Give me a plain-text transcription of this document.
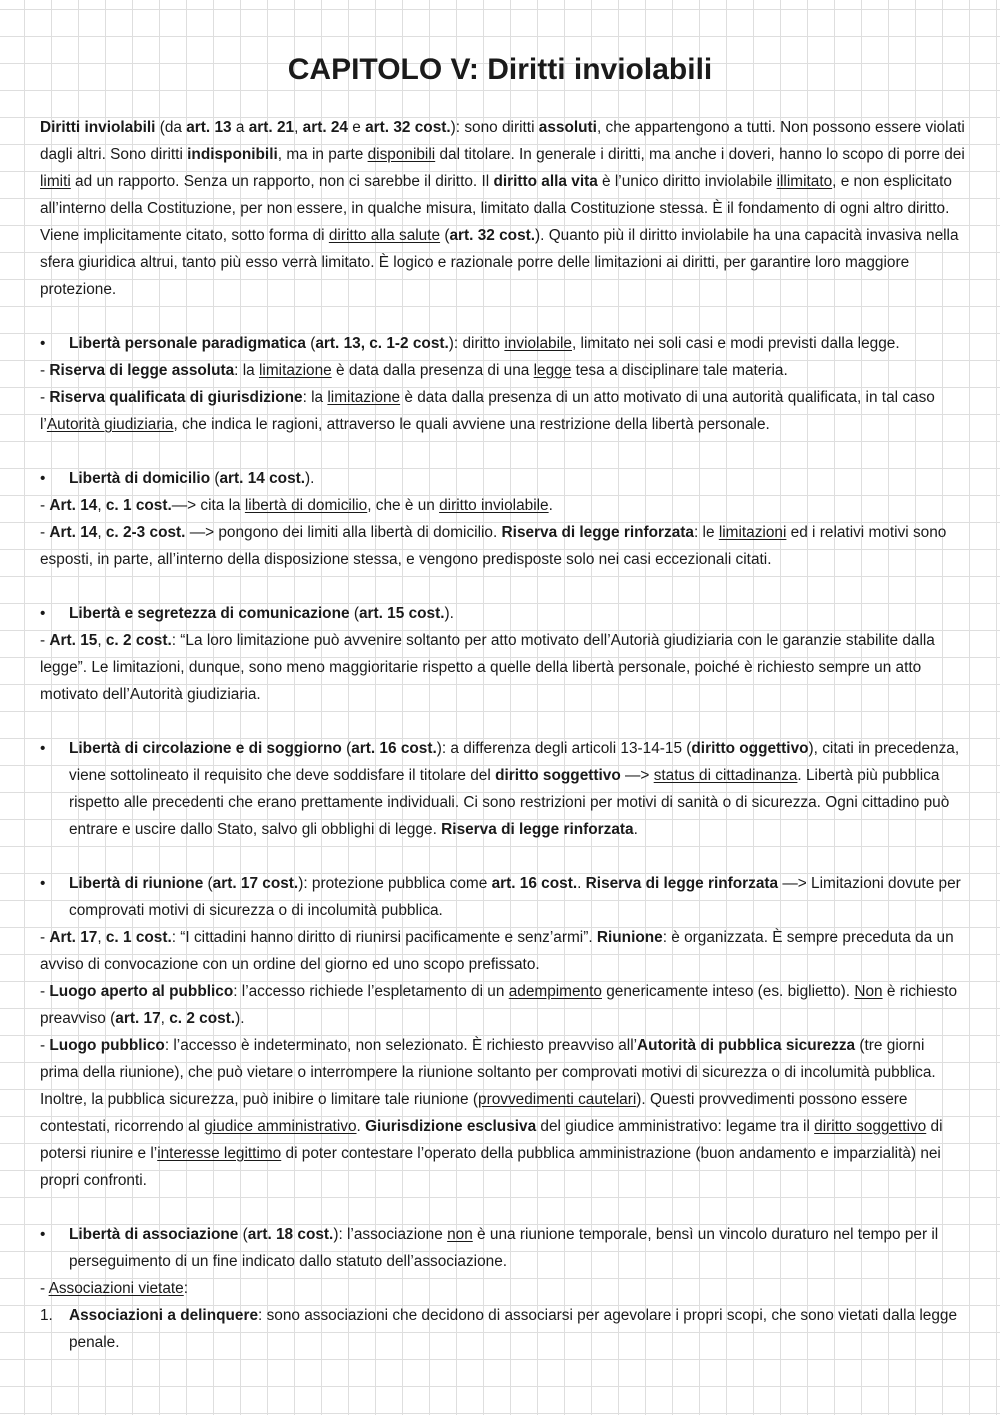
CAPITOLO V: Diritti inviolabili

Diritti inviolabili (da art. 13 a art. 21, art. 24 e art. 32 cost.): sono diritti assoluti, che appartengono a tutti. Non possono essere violati dagli altri. Sono diritti indisponibili, ma in parte disponibili dal titolare. In generale i diritti, ma anche i doveri, hanno lo scopo di porre dei limiti ad un rapporto. Senza un rapporto, non ci sarebbe il diritto. Il diritto alla vita è l’unico diritto inviolabile illimitato, e non esplicitato all’interno della Costituzione, per non essere, in qualche misura, limitato dalla Costituzione stessa. È il fondamento di ogni altro diritto. Viene implicitamente citato, sotto forma di diritto alla salute (art. 32 cost.). Quanto più il diritto inviolabile ha una capacità invasiva nella sfera giuridica altrui, tanto più esso verrà limitato. È logico e razionale porre delle limitazioni ai diritti, per garantire loro maggiore protezione.

• Libertà personale paradigmatica (art. 13, c. 1-2 cost.): diritto inviolabile, limitato nei soli casi e modi previsti dalla legge.

- Riserva di legge assoluta: la limitazione è data dalla presenza di una legge tesa a disciplinare tale materia.

- Riserva qualificata di giurisdizione: la limitazione è data dalla presenza di un atto motivato di una autorità qualificata, in tal caso l’Autorità giudiziaria, che indica le ragioni, attraverso le quali avviene una restrizione della libertà personale.

• Libertà di domicilio (art. 14 cost.).

- Art. 14, c. 1 cost.—> cita la libertà di domicilio, che è un diritto inviolabile.

- Art. 14, c. 2-3 cost. —> pongono dei limiti alla libertà di domicilio. Riserva di legge rinforzata: le limitazioni ed i relativi motivi sono esposti, in parte, all’interno della disposizione stessa, e vengono predisposte solo nei casi eccezionali citati.

• Libertà e segretezza di comunicazione (art. 15 cost.).

- Art. 15, c. 2 cost.: “La loro limitazione può avvenire soltanto per atto motivato dell’Autorià giudiziaria con le garanzie stabilite dalla legge”. Le limitazioni, dunque, sono meno maggioritarie rispetto a quelle della libertà personale, poiché è richiesto sempre un atto motivato dell’Autorità giudiziaria.

• Libertà di circolazione e di soggiorno (art. 16 cost.): a differenza degli articoli 13-14-15 (diritto oggettivo), citati in precedenza, viene sottolineato il requisito che deve soddisfare il titolare del diritto soggettivo —> status di cittadinanza. Libertà più pubblica rispetto alle precedenti che erano prettamente individuali. Ci sono restrizioni per motivi di sanità o di sicurezza. Ogni cittadino può entrare e uscire dallo Stato, salvo gli obblighi di legge. Riserva di legge rinforzata.

• Libertà di riunione (art. 17 cost.): protezione pubblica come art. 16 cost.. Riserva di legge rinforzata —> Limitazioni dovute per comprovati motivi di sicurezza o di incolumità pubblica.

- Art. 17, c. 1 cost.: “I cittadini hanno diritto di riunirsi pacificamente e senz’armi”. Riunione: è organizzata. È sempre preceduta da un avviso di convocazione con un ordine del giorno ed uno scopo prefissato.

- Luogo aperto al pubblico: l’accesso richiede l’espletamento di un adempimento genericamente inteso (es. biglietto). Non è richiesto preavviso (art. 17, c. 2 cost.).

- Luogo pubblico: l’accesso è indeterminato, non selezionato. È richiesto preavviso all’Autorità di pubblica sicurezza (tre giorni prima della riunione), che può vietare o interrompere la riunione soltanto per comprovati motivi di sicurezza o di incolumità pubblica. Inoltre, la pubblica sicurezza, può inibire o limitare tale riunione (provvedimenti cautelari). Questi provvedimenti possono essere contestati, ricorrendo al giudice amministrativo. Giurisdizione esclusiva del giudice amministrativo: legame tra il diritto soggettivo di potersi riunire e l’interesse legittimo di poter contestare l’operato della pubblica amministrazione (buon andamento e imparzialità) nei propri confronti.

• Libertà di associazione (art. 18 cost.): l’associazione non è una riunione temporale, bensì un vincolo duraturo nel tempo per il perseguimento di un fine indicato dallo statuto dell’associazione.

- Associazioni vietate:

1. Associazioni a delinquere: sono associazioni che decidono di associarsi per agevolare i propri scopi, che sono vietati dalla legge penale.
